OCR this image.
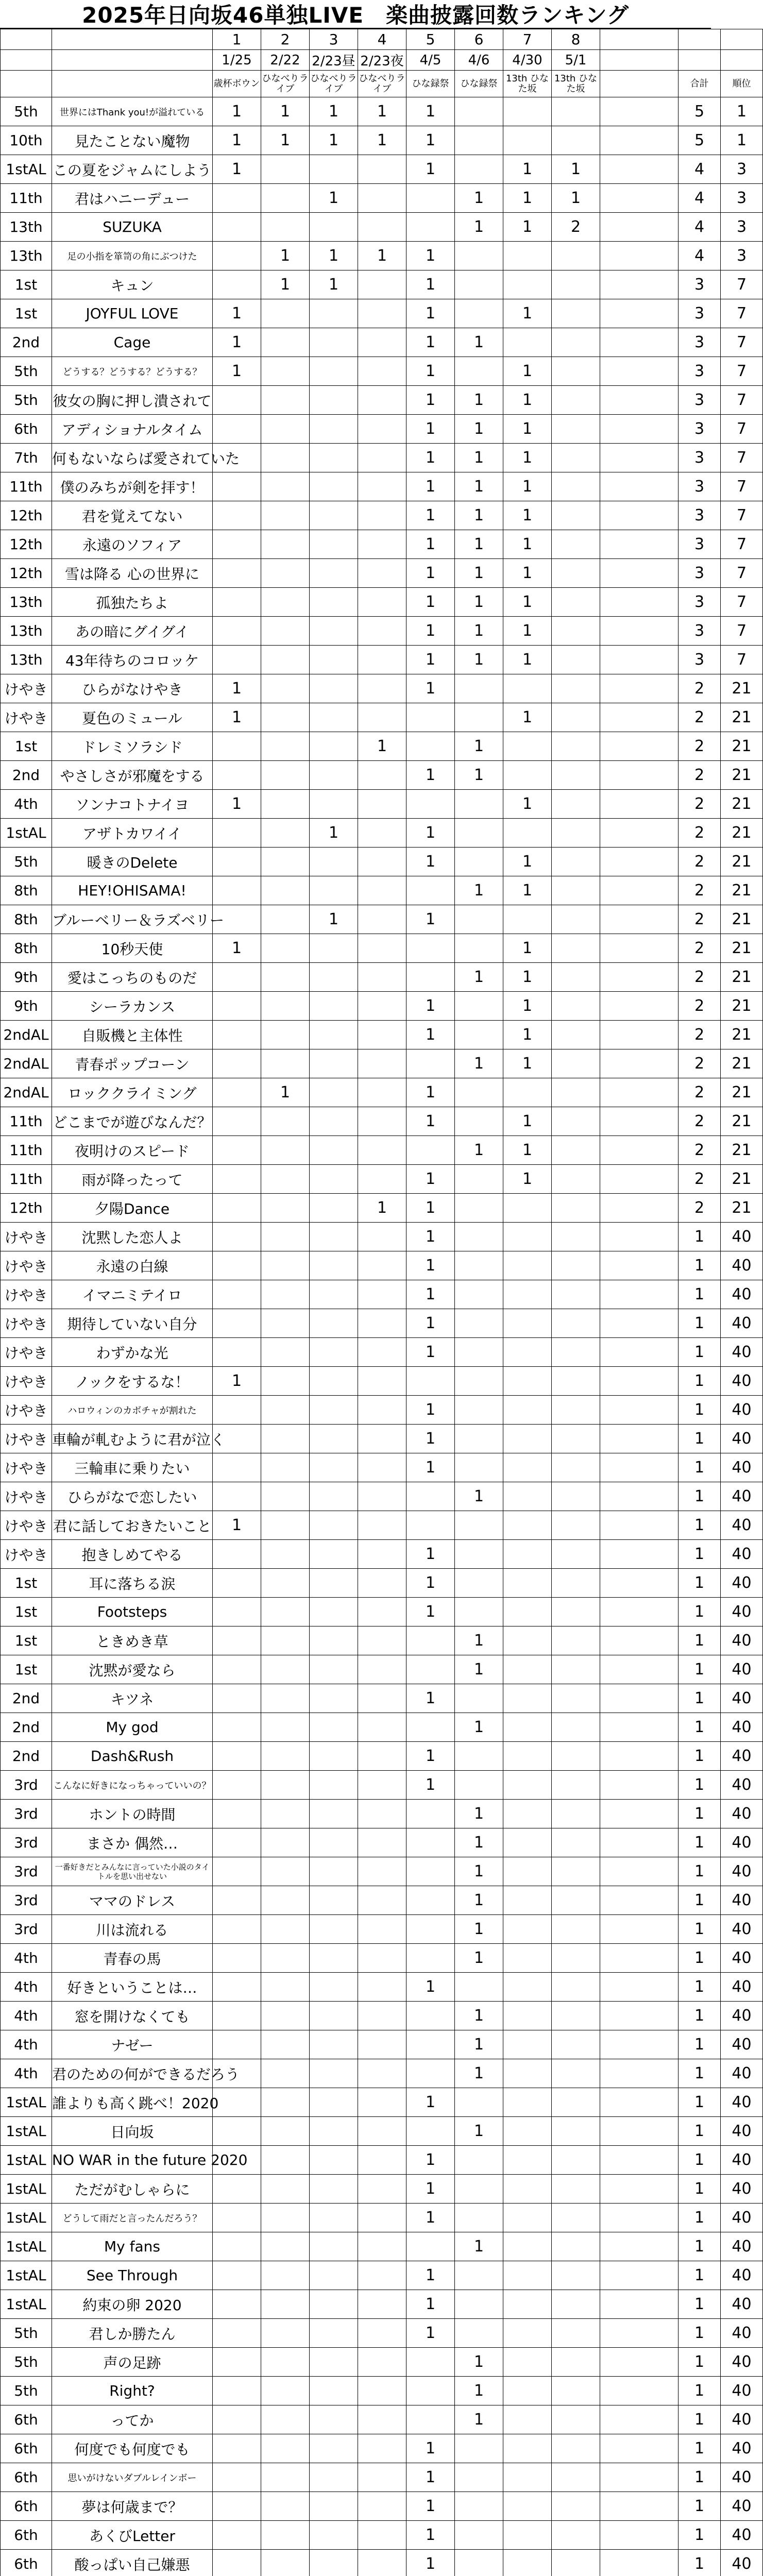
2025年日向坂46単独LIVE　楽曲披露回数ランキング
		1	2	3	4	5	6	7	8			
		1/25	2/22	2/23昼	2/23夜	4/5	4/6	4/30	5/1			
		歳杯ボウン	ひなべりライブ	ひなべりライブ	ひなべりライブ	ひな録祭	ひな録祭	13th ひなた坂	13th ひなた坂		合計	順位
5th	世界にはThank you!が溢れている	1	1	1	1	1					5	1
10th	見たことない魔物	1	1	1	1	1					5	1
1stAL	この夏をジャムにしよう	1				1		1	1		4	3
11th	君はハニーデュー			1			1	1	1		4	3
13th	SUZUKA						1	1	2		4	3
13th	足の小指を箪笥の角にぶつけた		1	1	1	1					4	3
1st	キュン		1	1		1					3	7
1st	JOYFUL LOVE	1				1		1			3	7
2nd	Cage	1				1	1				3	7
5th	どうする？どうする？どうする？	1				1		1			3	7
5th	彼女の胸に押し潰されて					1	1	1			3	7
6th	アディショナルタイム					1	1	1			3	7
7th	何もないならば愛されていた					1	1	1			3	7
11th	僕のみちが剣を拝す！					1	1	1			3	7
12th	君を覚えてない					1	1	1			3	7
12th	永遠のソフィア					1	1	1			3	7
12th	雪は降る 心の世界に					1	1	1			3	7
13th	孤独たちよ					1	1	1			3	7
13th	あの暗にグイグイ					1	1	1			3	7
13th	43年待ちのコロッケ					1	1	1			3	7
けやき	ひらがなけやき	1				1					2	21
けやき	夏色のミュール	1						1			2	21
1st	ドレミソラシド				1		1				2	21
2nd	やさしさが邪魔をする					1	1				2	21
4th	ソンナコトナイヨ	1						1			2	21
1stAL	アザトカワイイ			1		1					2	21
5th	暖きのDelete					1		1			2	21
8th	HEY!OHISAMA!						1	1			2	21
8th	ブルーベリー＆ラズベリー			1		1					2	21
8th	10秒天使	1						1			2	21
9th	愛はこっちのものだ						1	1			2	21
9th	シーラカンス					1		1			2	21
2ndAL	自販機と主体性					1		1			2	21
2ndAL	青春ポップコーン						1	1			2	21
2ndAL	ロッククライミング		1			1					2	21
11th	どこまでが遊びなんだ？					1		1			2	21
11th	夜明けのスピード						1	1			2	21
11th	雨が降ったって					1		1			2	21
12th	夕陽Dance				1	1					2	21
けやき	沈黙した恋人よ					1					1	40
けやき	永遠の白線					1					1	40
けやき	イマニミテイロ					1					1	40
けやき	期待していない自分					1					1	40
けやき	わずかな光					1					1	40
けやき	ノックをするな！	1									1	40
けやき	ハロウィンのカボチャが割れた					1					1	40
けやき	車輪が軋むように君が泣く					1					1	40
けやき	三輪車に乗りたい					1					1	40
けやき	ひらがなで恋したい						1				1	40
けやき	君に話しておきたいこと	1									1	40
けやき	抱きしめてやる					1					1	40
1st	耳に落ちる涙					1					1	40
1st	Footsteps					1					1	40
1st	ときめき草						1				1	40
1st	沈黙が愛なら						1				1	40
2nd	キツネ					1					1	40
2nd	My god						1				1	40
2nd	Dash&Rush					1					1	40
3rd	こんなに好きになっちゃっていいの？					1					1	40
3rd	ホントの時間						1				1	40
3rd	まさか 偶然…						1				1	40
3rd	一番好きだとみんなに言っていた小説のタイトルを思い出せない						1				1	40
3rd	ママのドレス						1				1	40
3rd	川は流れる						1				1	40
4th	青春の馬						1				1	40
4th	好きということは…					1					1	40
4th	窓を開けなくても						1				1	40
4th	ナゼー						1				1	40
4th	君のための何ができるだろう						1				1	40
1stAL	誰よりも高く跳べ！2020					1					1	40
1stAL	日向坂						1				1	40
1stAL	NO WAR in the future 2020					1					1	40
1stAL	ただがむしゃらに					1					1	40
1stAL	どうして雨だと言ったんだろう？					1					1	40
1stAL	My fans						1				1	40
1stAL	See Through					1					1	40
1stAL	約束の卵 2020					1					1	40
5th	君しか勝たん					1					1	40
5th	声の足跡						1				1	40
5th	Right?						1				1	40
6th	ってか						1				1	40
6th	何度でも何度でも					1					1	40
6th	思いがけないダブルレインボー					1					1	40
6th	夢は何歳まで？					1					1	40
6th	あくびLetter					1					1	40
6th	酸っぱい自己嫌悪					1					1	40
